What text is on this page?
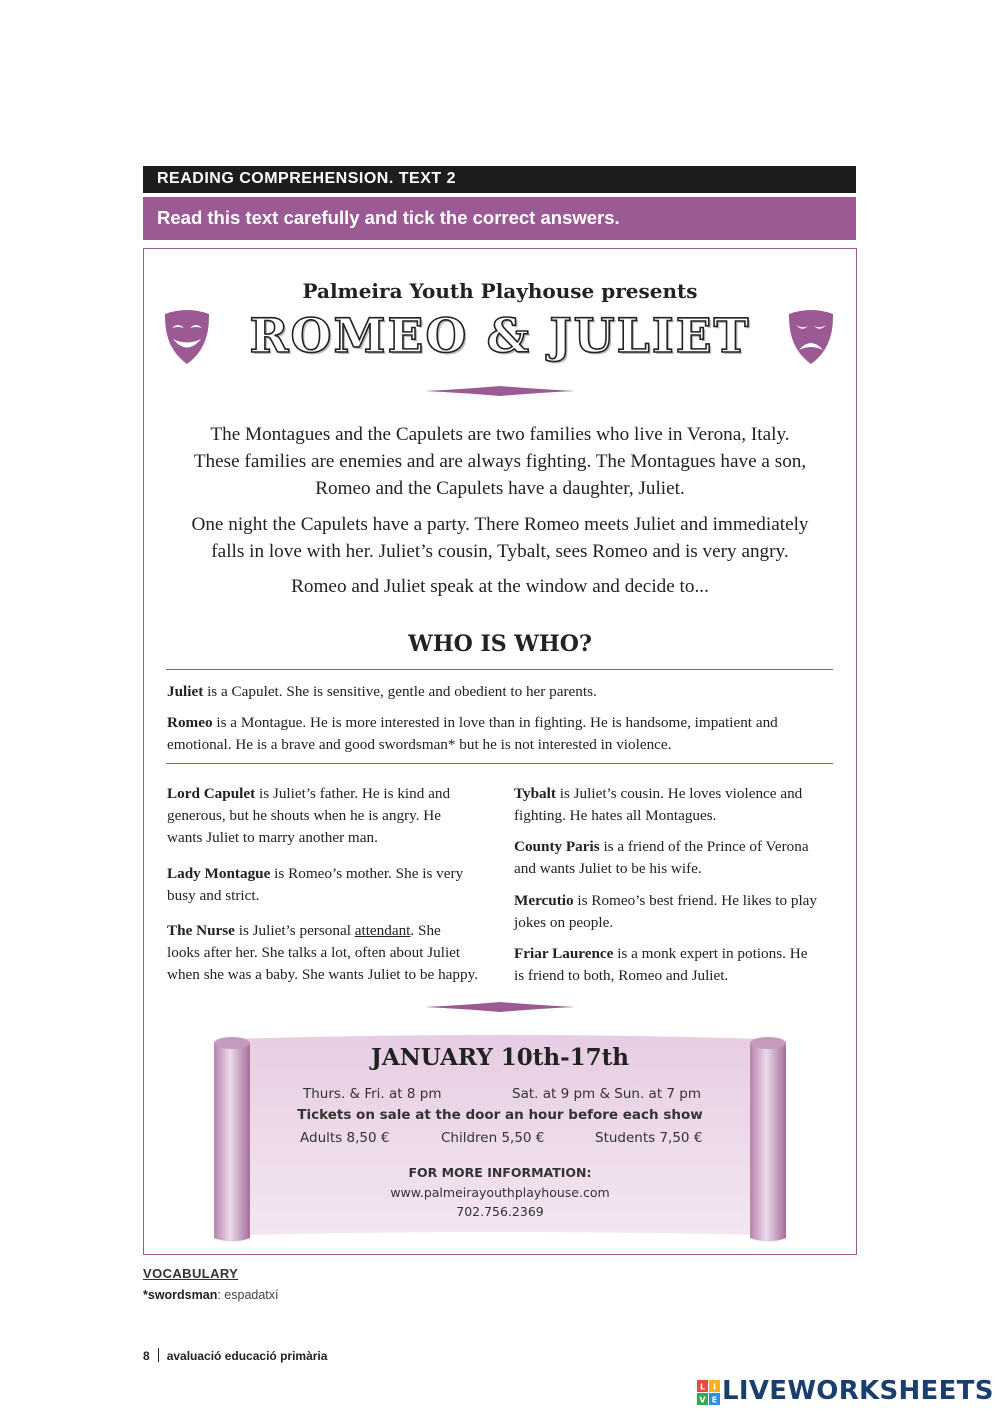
READING COMPREHENSION. TEXT 2
Read this text carefully and tick the correct answers.
Palmeira Youth Playhouse presents
ROMEO & JULIET

The Montagues and the Capulets are two families who live in Verona, Italy.

These families are enemies and are always fighting. The Montagues have a son,

Romeo and the Capulets have a daughter, Juliet.

One night the Capulets have a party. There Romeo meets Juliet and immediately

falls in love with her. Juliet’s cousin, Tybalt, sees Romeo and is very angry.

Romeo and Juliet speak at the window and decide to...

WHO IS WHO?
Juliet is a Capulet. She is sensitive, gentle and obedient to her parents.
Romeo is a Montague. He is more interested in love than in fighting. He is handsome, impatient and
emotional. He is a brave and good swordsman* but he is not interested in violence.
Lord Capulet is Juliet’s father. He is kind and
generous, but he shouts when he is angry. He
wants Juliet to marry another man.
Lady Montague is Romeo’s mother. She is very
busy and strict.
The Nurse is Juliet’s personal attendant. She
looks after her. She talks a lot, often about Juliet
when she was a baby. She wants Juliet to be happy.
Tybalt is Juliet’s cousin. He loves violence and
fighting. He hates all Montagues.
County Paris is a friend of the Prince of Verona
and wants Juliet to be his wife.
Mercutio is Romeo’s best friend. He likes to play
jokes on people.
Friar Laurence is a monk expert in potions. He
is friend to both, Romeo and Juliet.
JANUARY 10th-17th
Thurs. & Fri. at 8 pm	Sat. at 9 pm & Sun. at 7 pm
Tickets on sale at the door an hour before each show
Adults 8,50 €	Children 5,50 €	Students 7,50 €
FOR MORE INFORMATION:
www.palmeirayouthplayhouse.com
702.756.2369
VOCABULARY
*swordsman: espadatxí
8 avaluació educació primària
L I
V E LIVEWORKSHEETS
